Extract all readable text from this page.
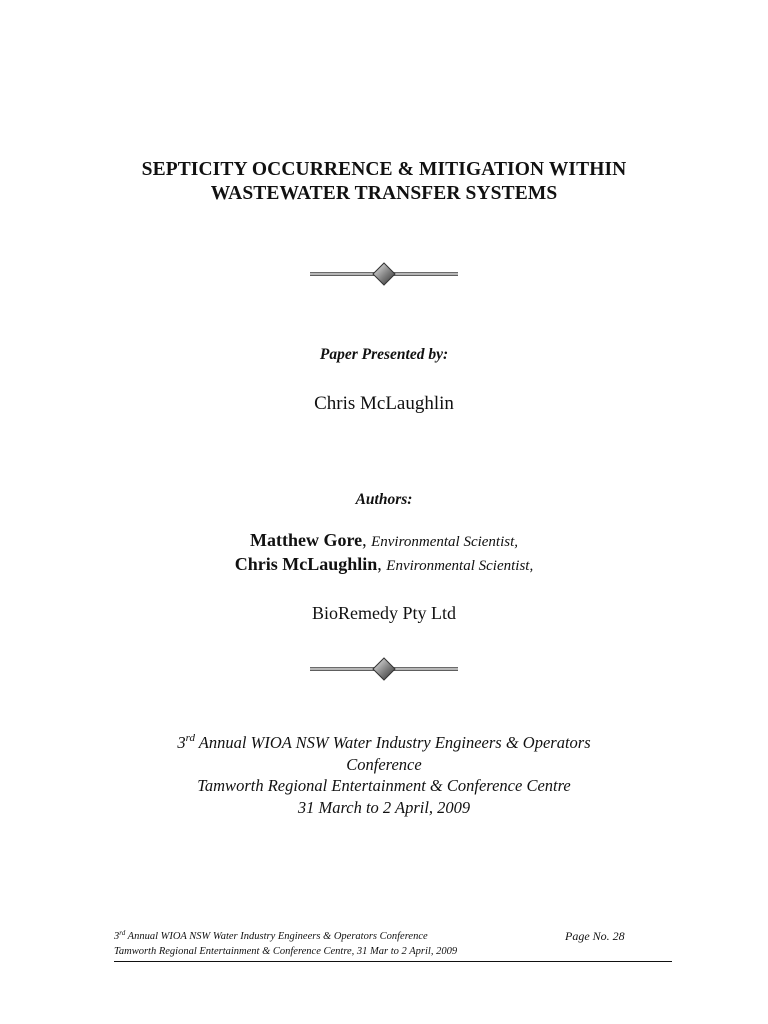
SEPTICITY OCCURRENCE & MITIGATION WITHIN
WASTEWATER TRANSFER SYSTEMS
Paper Presented by:
Chris McLaughlin
Authors:
Matthew Gore, Environmental Scientist,
Chris McLaughlin, Environmental Scientist,
BioRemedy Pty Ltd
3rd Annual WIOA NSW Water Industry Engineers & Operators
Conference
Tamworth Regional Entertainment & Conference Centre
31 March to 2 April, 2009
3rd Annual WIOA NSW Water Industry Engineers & Operators Conference
Tamworth Regional Entertainment & Conference Centre, 31 Mar to 2 April, 2009
Page No. 28
